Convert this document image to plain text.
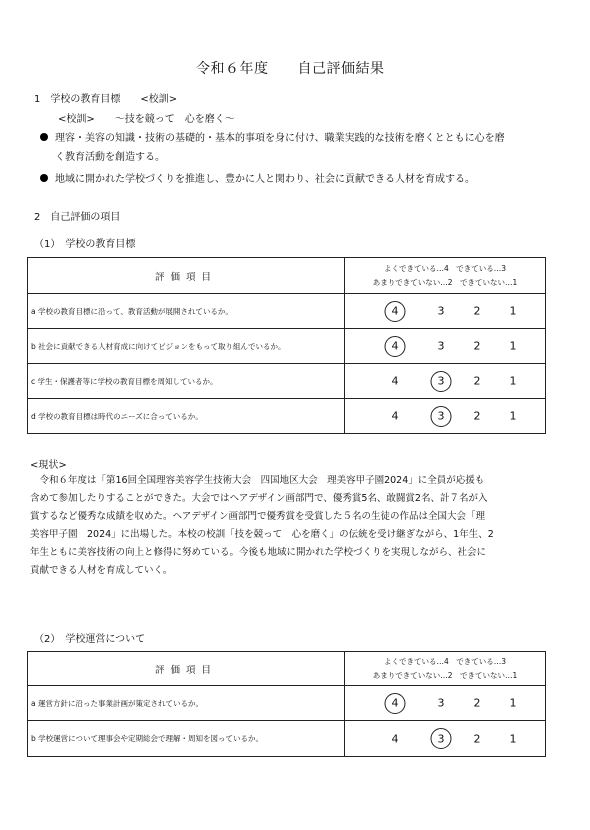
令和６年度　　自己評価結果
1　学校の教育目標　　<校訓>
<校訓>　　〜技を競って　心を磨く〜
理容・美容の知識・技術の基礎的・基本的事項を身に付け、職業実践的な技術を磨くとともに心を磨
く教育活動を創造する。
地域に開かれた学校づくりを推進し、豊かに人と関わり、社会に貢献できる人材を育成する。
2　自己評価の項目
（1）　学校の教育目標
評価項目	よくできている…4　できている…3
あまりできていない…2　できていない…1

a 学校の教育目標に沿って、教育活動が展開されているか。	4 3 2 1

b 社会に貢献できる人材育成に向けてビジョンをもって取り組んでいるか。	4 3 2 1

c 学生・保護者等に学校の教育目標を周知しているか。	4 3 2 1

d 学校の教育目標は時代のニーズに合っているか。	4 3 2 1
<現状>
　令和６年度は「第16回全国理容美容学生技術大会　四国地区大会　理美容甲子園2024」に全員が応援も
含めて参加したりすることができた。大会ではヘアデザイン画部門で、優秀賞5名、敢闘賞2名、計７名が入
賞するなど優秀な成績を収めた。ヘアデザイン画部門で優秀賞を受賞した５名の生徒の作品は全国大会「理
美容甲子園　2024」に出場した。本校の校訓「技を競って　心を磨く」の伝統を受け継ぎながら、1年生、2
年生ともに美容技術の向上と修得に努めている。今後も地域に開かれた学校づくりを実現しながら、社会に
貢献できる人材を育成していく。
（2）　学校運営について
評価項目	よくできている…4　できている…3
あまりできていない…2　できていない…1

a 運営方針に沿った事業計画が策定されているか。	4 3 2 1

b 学校運営について理事会や定期総会で理解・周知を図っているか。	4 3 2 1
